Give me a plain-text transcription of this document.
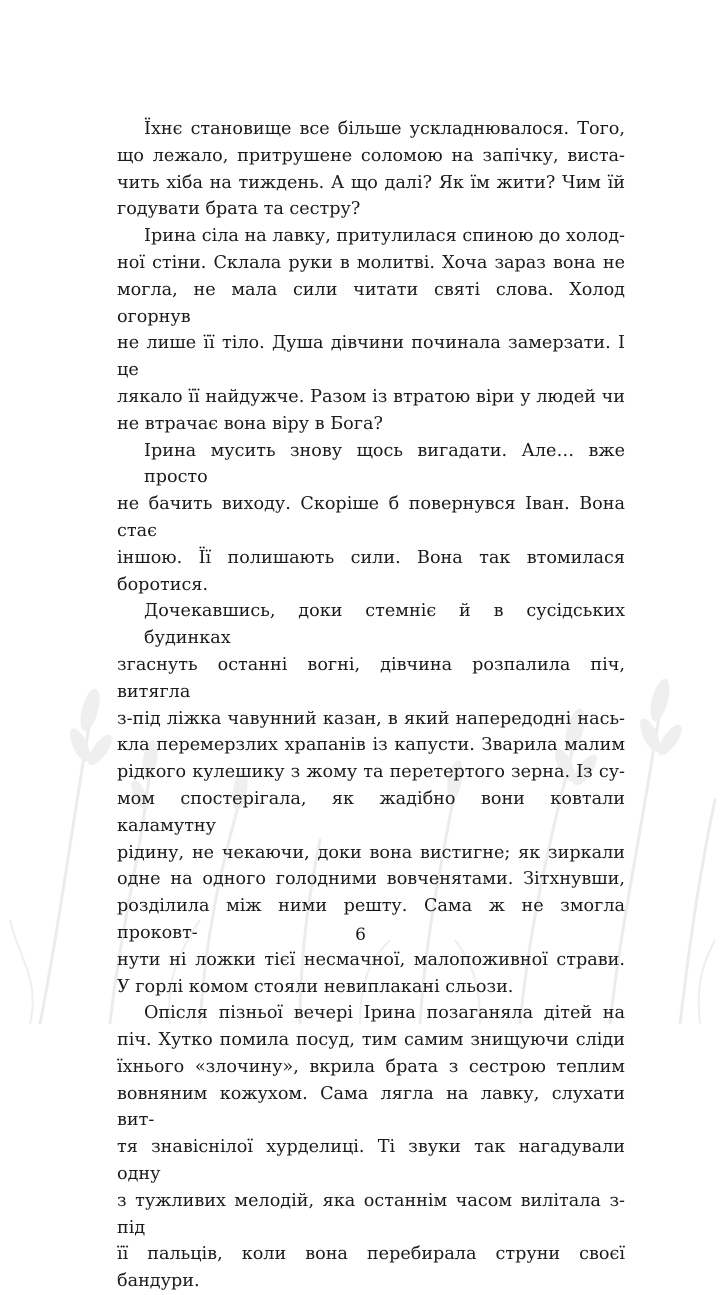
Їхнє становище все більше ускладнювалося. Того,
що лежало, притрушене соломою на запічку, виста-
чить хіба на тиждень. А що далі? Як їм жити? Чим їй
годувати брата та сестру?

Ірина сіла на лавку, притулилася спиною до холод-
ної стіни. Склала руки в молитві. Хоча зараз вона не
могла, не мала сили читати святі слова. Холод огорнув
не лише її тіло. Душа дівчини починала замерзати. І це
лякало її найдужче. Разом із втратою віри у людей чи
не втрачає вона віру в Бога?

Ірина мусить знову щось вигадати. Але… вже просто
не бачить виходу. Скоріше б повернувся Іван. Вона стає
іншою. Її полишають сили. Вона так втомилася боротися.

Дочекавшись, доки стемніє й в сусідських будинках
згаснуть останні вогні, дівчина розпалила піч, витягла
з-під ліжка чавунний казан, в який напередодні нась-
кла перемерзлих храпанів із капусти. Зварила малим
рідкого кулешику з жому та перетертого зерна. Із су-
мом спостерігала, як жадібно вони ковтали каламутну
рідину, не чекаючи, доки вона вистигне; як зиркали
одне на одного голодними вовченятами. Зітхнувши,
розділила між ними решту. Сама ж не змогла проковт-
нути ні ложки тієї несмачної, малопоживної страви.
У горлі комом стояли невиплакані сльози.

Опісля пізньої вечері Ірина позаганяла дітей на
піч. Хутко помила посуд, тим самим знищуючи сліди
їхнього «злочину», вкрила брата з сестрою теплим
вовняним кожухом. Сама лягла на лавку, слухати вит-
тя знавіснілої хурделиці. Ті звуки так нагадували одну
з тужливих мелодій, яка останнім часом вилітала з-під
її пальців, коли вона перебирала струни своєї бандури.

6
